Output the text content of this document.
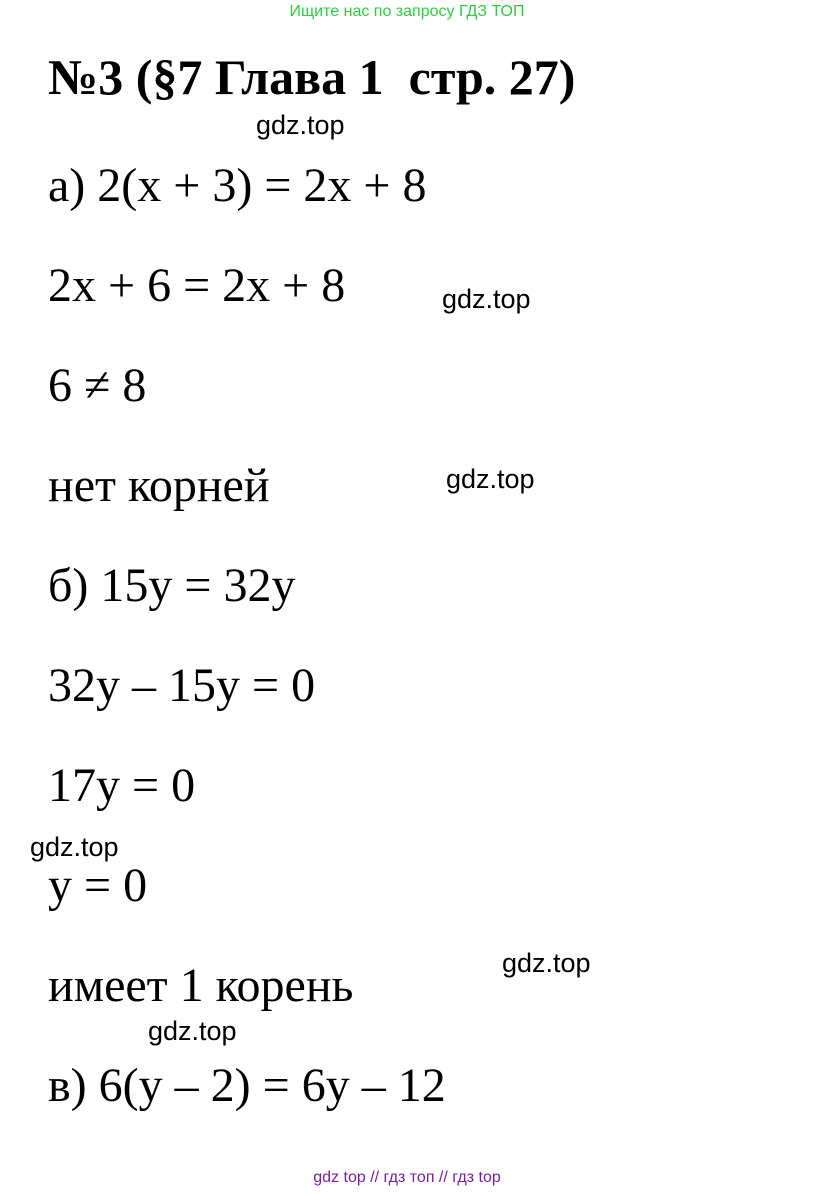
Ищите нас по запросу ГДЗ ТОП
№3 (§7 Глава 1  стр. 27)
gdz.top
а) 2(x + 3) = 2x + 8
2x + 6 = 2x + 8	gdz.top
6 ≠ 8
нет корней	gdz.top
б) 15y = 32y
32y – 15y = 0
17y = 0
gdz.top
y = 0
gdz.top
имеет 1 корень
gdz.top
в) 6(y – 2) = 6y – 12
gdz top // гдз топ // гдз top
